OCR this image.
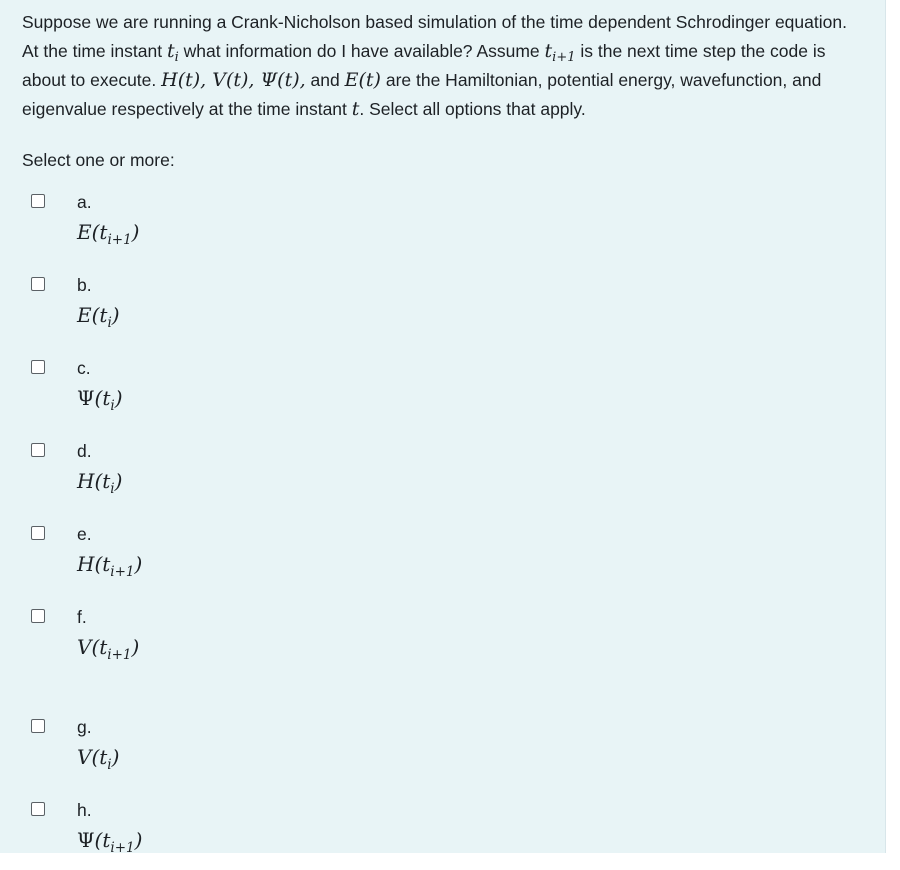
Suppose we are running a Crank-Nicholson based simulation of the time dependent Schrodinger equation.
At the time instant $t_i$ what information do I have available? Assume $t_{i+1}$ is the next time step the code is
about to execute. H(t), V(t), Ψ(t), and E(t) are the Hamiltonian, potential energy, wavefunction, and
eigenvalue respectively at the time instant t. Select all options that apply.
Select one or more:
a.
$E(t_{i+1})$
b.
$E(t_i)$
c.
$\Psi(t_i)$
d.
$H(t_i)$
e.
$H(t_{i+1})$
f.
$V(t_{i+1})$
g.
$V(t_i)$
h.
$\Psi(t_{i+1})$
